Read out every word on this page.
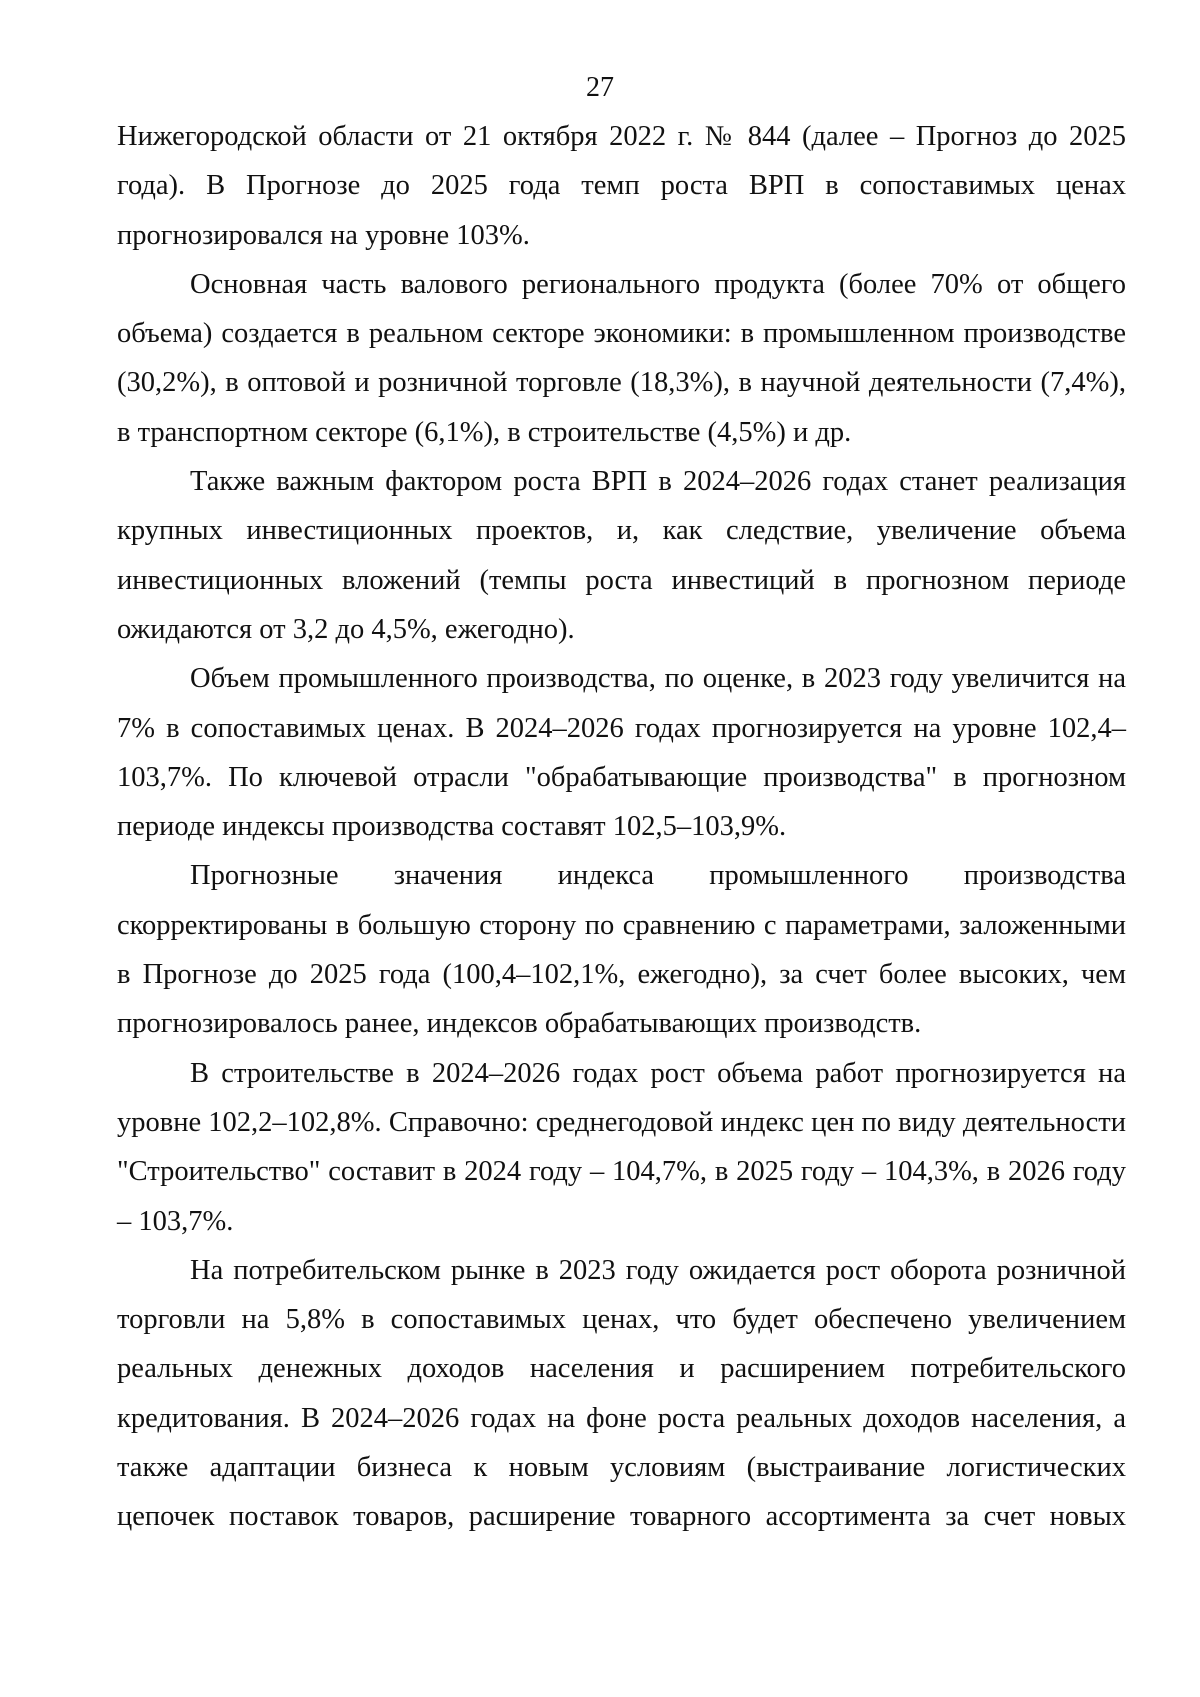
27

Нижегородской области от 21 октября 2022 г. № 844 (далее – Прогноз до 2025 года). В Прогнозе до 2025 года темп роста ВРП в сопоставимых ценах прогнозировался на уровне 103%.

Основная часть валового регионального продукта (более 70% от общего объема) создается в реальном секторе экономики: в промышленном производстве (30,2%), в оптовой и розничной торговле (18,3%), в научной деятельности (7,4%), в транспортном секторе (6,1%), в строительстве (4,5%) и др.

Также важным фактором роста ВРП в 2024–2026 годах станет реализация крупных инвестиционных проектов, и, как следствие, увеличение объема инвестиционных вложений (темпы роста инвестиций в прогнозном периоде ожидаются от 3,2 до 4,5%, ежегодно).

Объем промышленного производства, по оценке, в 2023 году увеличится на 7% в сопоставимых ценах. В 2024–2026 годах прогнозируется на уровне 102,4–103,7%. По ключевой отрасли "обрабатывающие производства" в прогнозном периоде индексы производства составят 102,5–103,9%.

Прогнозные значения индекса промышленного производства скорректированы в большую сторону по сравнению с параметрами, заложенными в Прогнозе до 2025 года (100,4–102,1%, ежегодно), за счет более высоких, чем прогнозировалось ранее, индексов обрабатывающих производств.

В строительстве в 2024–2026 годах рост объема работ прогнозируется на уровне 102,2–102,8%. Справочно: среднегодовой индекс цен по виду деятельности "Строительство" составит в 2024 году – 104,7%, в 2025 году – 104,3%, в 2026 году – 103,7%.

На потребительском рынке в 2023 году ожидается рост оборота розничной торговли на 5,8% в сопоставимых ценах, что будет обеспечено увеличением реальных денежных доходов населения и расширением потребительского кредитования. В 2024–2026 годах на фоне роста реальных доходов населения, а также адаптации бизнеса к новым условиям (выстраивание логистических цепочек поставок товаров, расширение товарного ассортимента за счет новых
